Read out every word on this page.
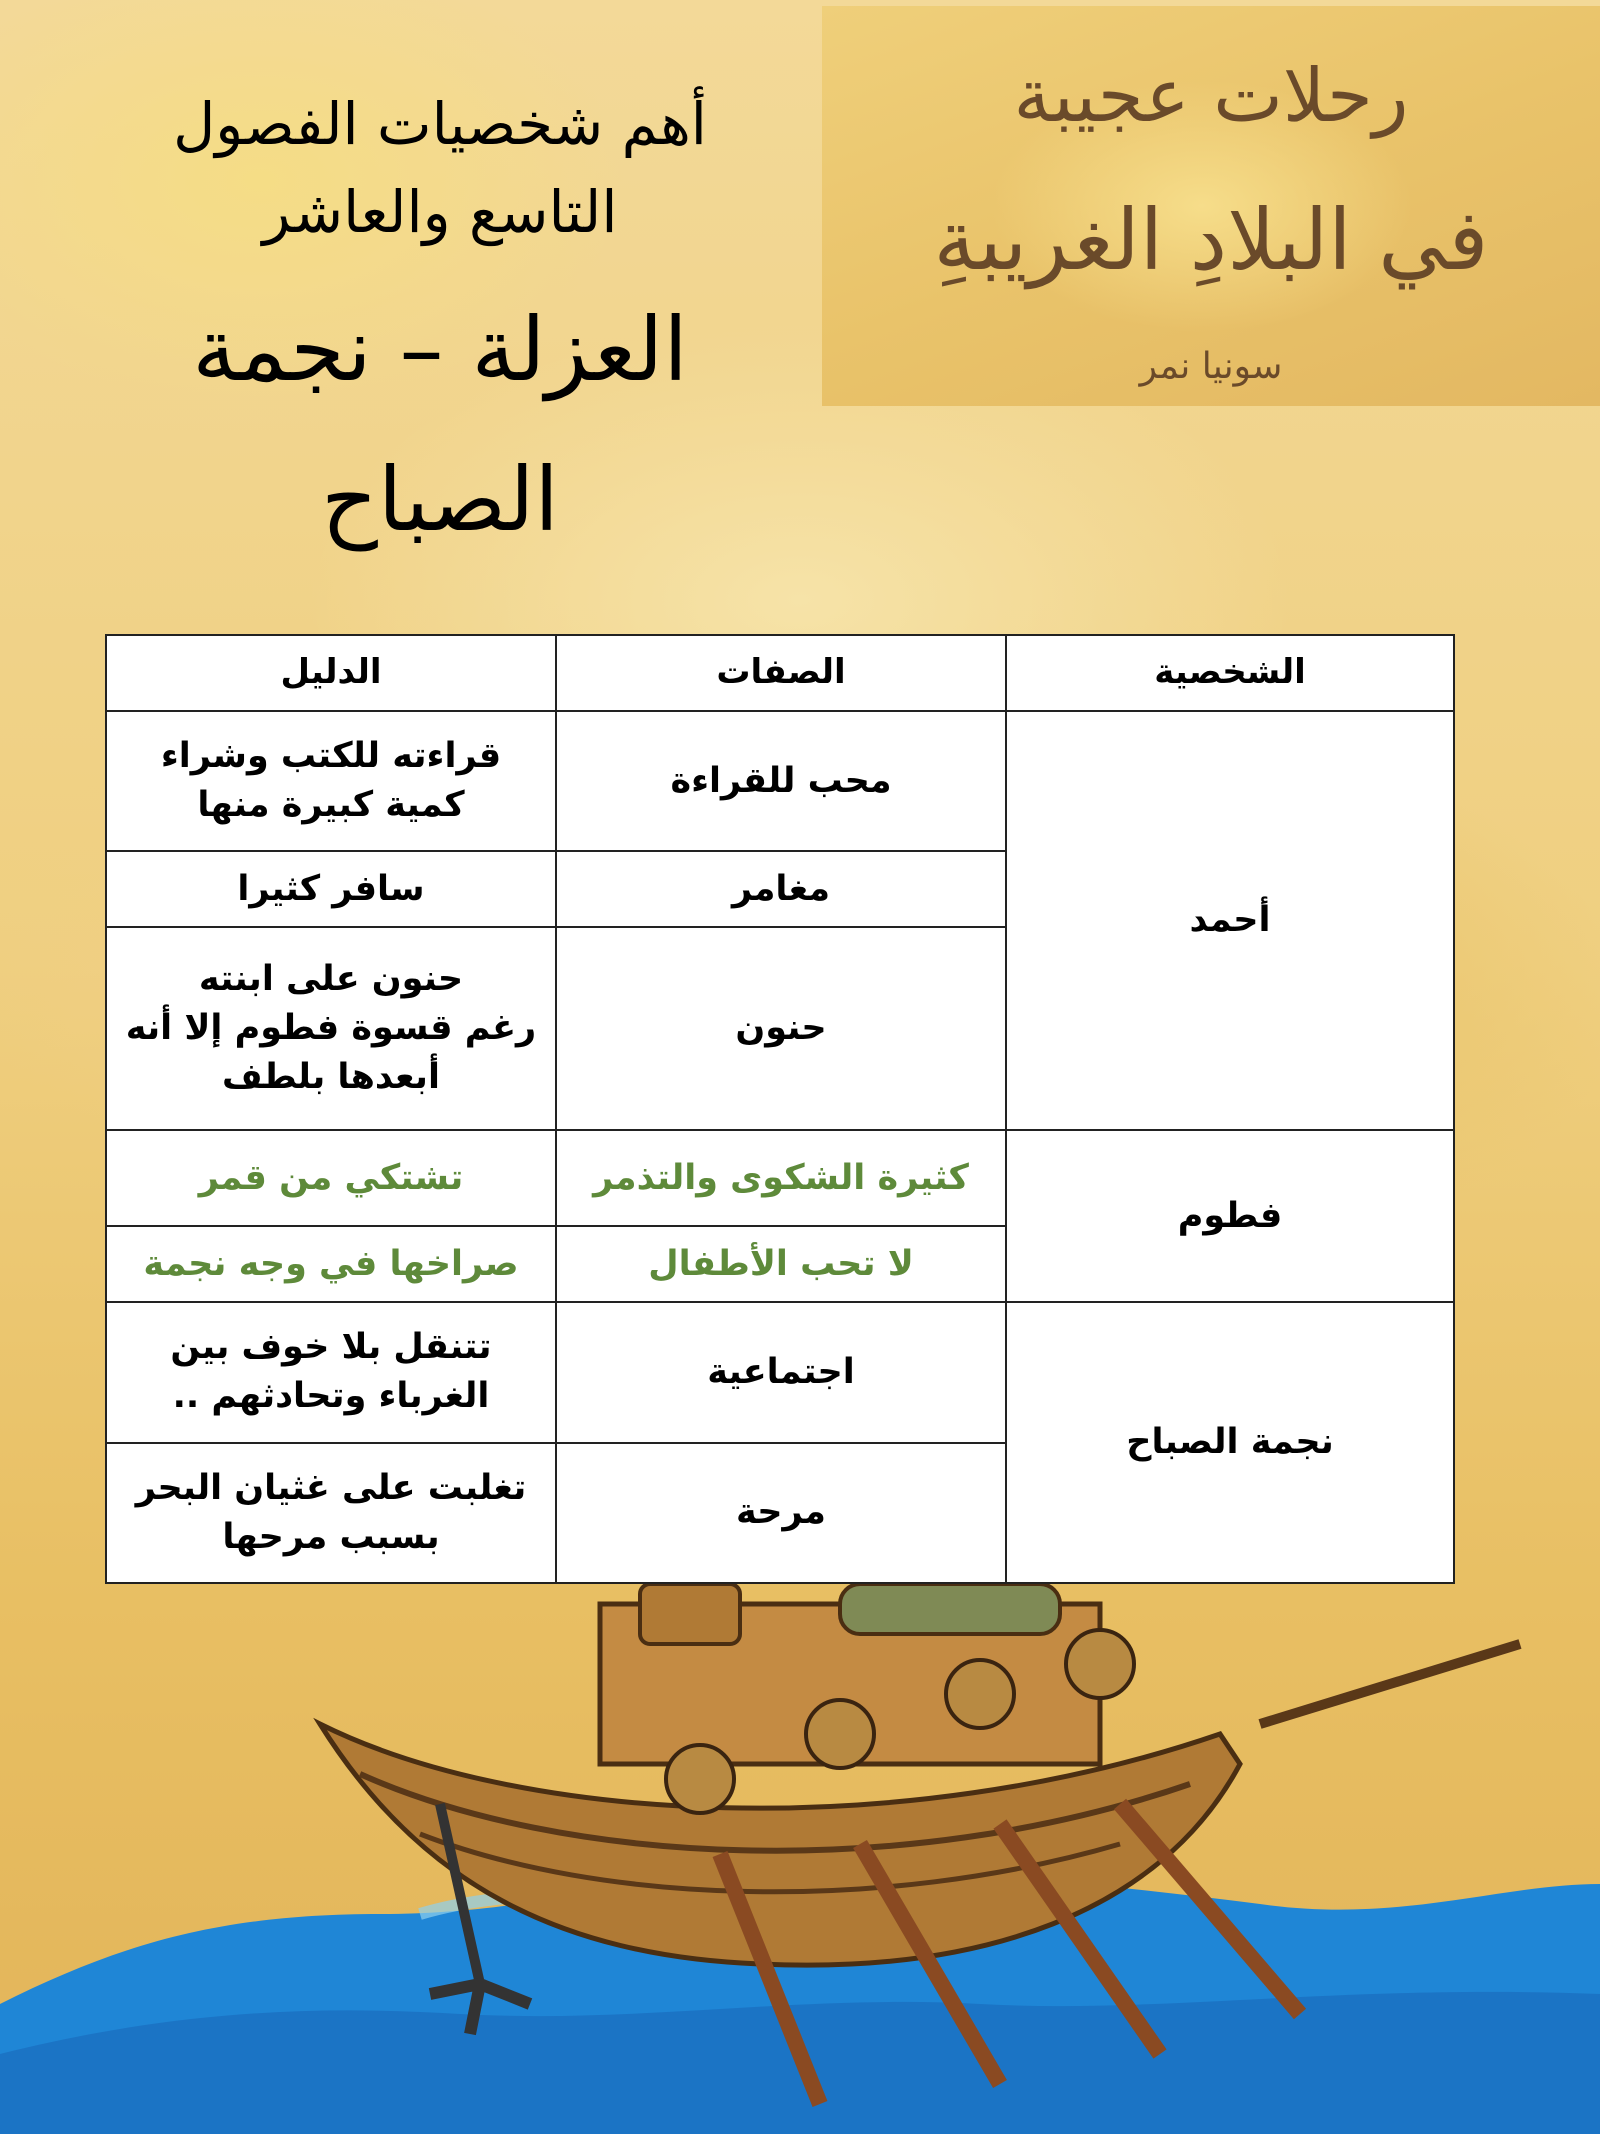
رحلات عجيبة
في البلادِ الغريبةِ
سونيا نمر
أهم شخصيات الفصول
التاسع والعاشر
العزلة – نجمة
الصباح
الشخصية	الصفات	الدليل
أحمد	محب للقراءة	قراءته للكتب وشراء
كمية كبيرة منها

	مغامر	سافر كثيرا

	حنون	حنون على ابنته
رغم قسوة فطوم إلا أنه
أبعدها بلطف

فطوم	كثيرة الشكوى والتذمر	تشتكي من قمر

	لا تحب الأطفال	صراخها في وجه نجمة

نجمة الصباح	اجتماعية	تتنقل بلا خوف بين
الغرباء وتحادثهم ..

	مرحة	تغلبت على غثيان البحر
بسبب مرحها
